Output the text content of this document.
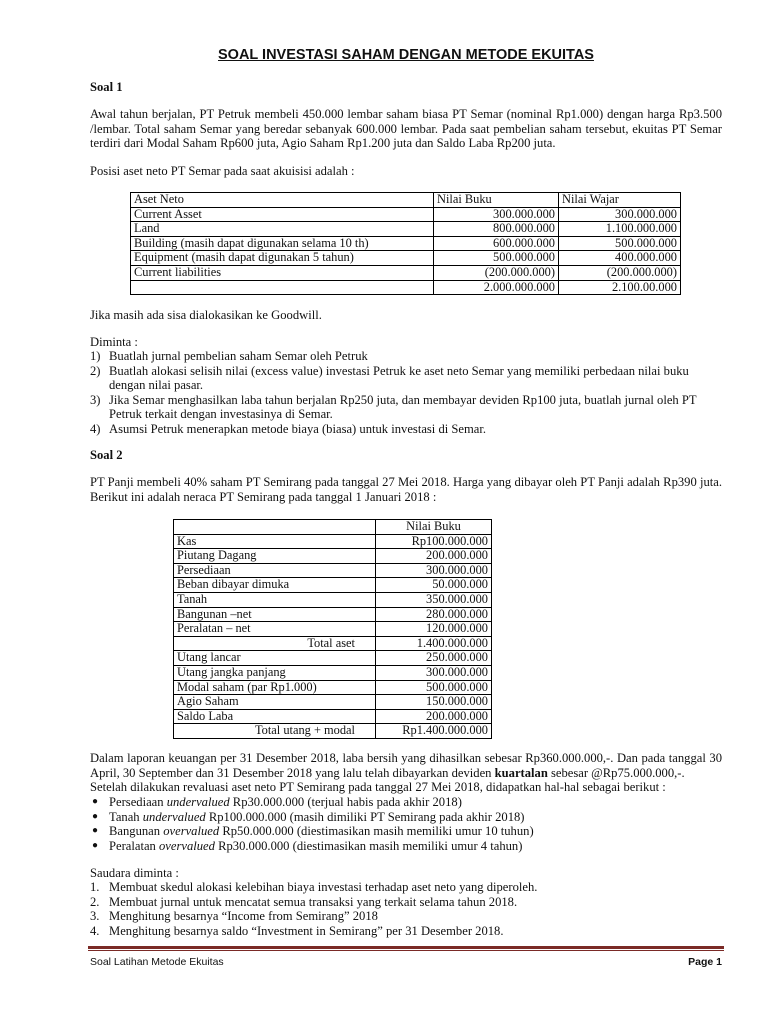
SOAL INVESTASI SAHAM DENGAN METODE EKUITAS
Soal 1
Awal tahun berjalan, PT Petruk membeli 450.000 lembar saham biasa PT Semar (nominal Rp1.000) dengan harga Rp3.500 /lembar. Total saham Semar yang beredar sebanyak 600.000 lembar. Pada saat pembelian saham tersebut, ekuitas PT Semar terdiri dari Modal Saham Rp600 juta, Agio Saham Rp1.200 juta dan Saldo Laba Rp200 juta.
Posisi aset neto PT Semar pada saat akuisisi adalah :
Aset Neto	Nilai Buku	Nilai Wajar
Current Asset	300.000.000	300.000.000
Land	800.000.000	1.100.000.000
Building (masih dapat digunakan selama 10 th)	600.000.000	500.000.000
Equipment (masih dapat digunakan 5 tahun)	500.000.000	400.000.000
Current liabilities	(200.000.000)	(200.000.000)
	2.000.000.000	2.100.00.000
Jika masih ada sisa dialokasikan ke Goodwill.
Diminta :
1) Buatlah jurnal pembelian saham Semar oleh Petruk
2) Buatlah alokasi selisih nilai (excess value) investasi Petruk ke aset neto Semar yang memiliki perbedaan nilai buku dengan nilai pasar.
3) Jika Semar menghasilkan laba tahun berjalan Rp250 juta, dan membayar deviden Rp100 juta, buatlah jurnal oleh PT Petruk terkait dengan investasinya di Semar.
4) Asumsi Petruk menerapkan metode biaya (biasa) untuk investasi di Semar.
Soal 2
PT Panji membeli 40% saham PT Semirang pada tanggal 27 Mei 2018. Harga yang dibayar oleh PT Panji adalah Rp390 juta. Berikut ini adalah neraca PT Semirang pada tanggal 1 Januari 2018 :
	Nilai Buku
Kas	Rp100.000.000
Piutang Dagang	200.000.000
Persediaan	300.000.000
Beban dibayar dimuka	50.000.000
Tanah	350.000.000
Bangunan –net	280.000.000
Peralatan – net	120.000.000
Total aset	1.400.000.000
Utang lancar	250.000.000
Utang jangka panjang	300.000.000
Modal saham (par Rp1.000)	500.000.000
Agio Saham	150.000.000
Saldo Laba	200.000.000
Total utang + modal	Rp1.400.000.000
Dalam laporan keuangan per 31 Desember 2018, laba bersih yang dihasilkan sebesar Rp360.000.000,-. Dan pada tanggal 30 April, 30 September dan 31 Desember 2018 yang lalu telah dibayarkan deviden kuartalan sebesar @Rp75.000.000,-.
Setelah dilakukan revaluasi aset neto PT Semirang pada tanggal 27 Mei 2018, didapatkan hal-hal sebagai berikut :
● Persediaan undervalued Rp30.000.000 (terjual habis pada akhir 2018)
● Tanah undervalued Rp100.000.000 (masih dimiliki PT Semirang pada akhir 2018)
● Bangunan overvalued Rp50.000.000 (diestimasikan masih memiliki umur 10 tuhun)
● Peralatan overvalued Rp30.000.000 (diestimasikan masih memiliki umur 4 tahun)
Saudara diminta :
1. Membuat skedul alokasi kelebihan biaya investasi terhadap aset neto yang diperoleh.
2. Membuat jurnal untuk mencatat semua transaksi yang terkait selama tahun 2018.
3. Menghitung besarnya “Income from Semirang” 2018
4. Menghitung besarnya saldo “Investment in Semirang” per 31 Desember 2018.
Soal Latihan Metode Ekuitas	Page 1
